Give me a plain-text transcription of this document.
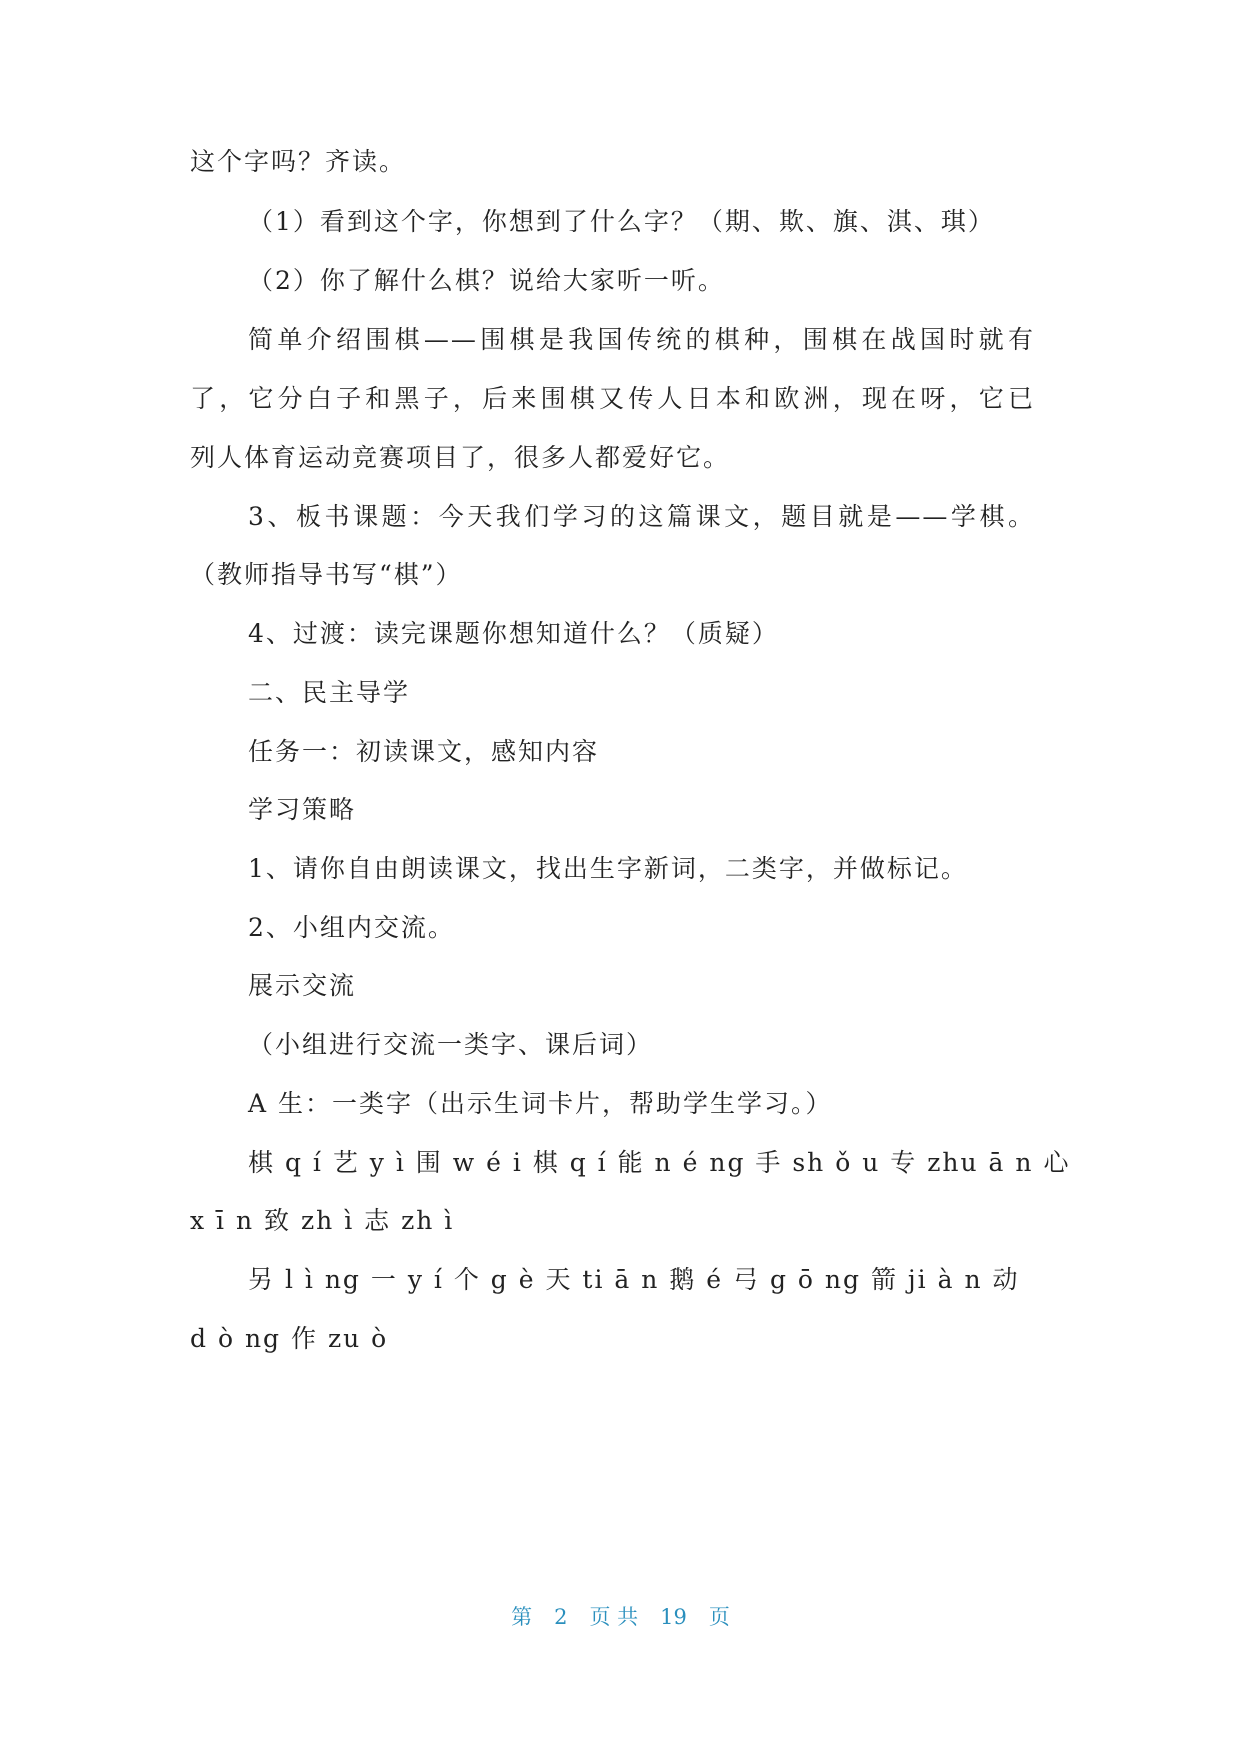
这个字吗？齐读。
（1）看到这个字，你想到了什么字？（期、欺、旗、淇、琪）
（2）你了解什么棋？说给大家听一听。
简单介绍围棋——围棋是我国传统的棋种，围棋在战国时就有
了，它分白子和黑子，后来围棋又传人日本和欧洲，现在呀，它已
列人体育运动竞赛项目了，很多人都爱好它。
3、板书课题：今天我们学习的这篇课文，题目就是——学棋。
（教师指导书写“棋”）
4、过渡：读完课题你想知道什么？（质疑）
二、民主导学
任务一：初读课文，感知内容
学习策略
1、请你自由朗读课文，找出生字新词，二类字，并做标记。
2、小组内交流。
展示交流
（小组进行交流一类字、课后词）
A 生：一类字（出示生词卡片，帮助学生学习。）
棋 q í 艺 y ì 围 w é i 棋 q í 能 n é ng 手 sh ǒ u 专 zhu ā n 心
x ī n 致 zh ì 志 zh ì
另 l ì ng 一 y í 个 g è 天 ti ā n 鹅 é 弓 g ō ng 箭 ji à n 动
d ò ng 作 zu ò
第 2 页 共 19 页
